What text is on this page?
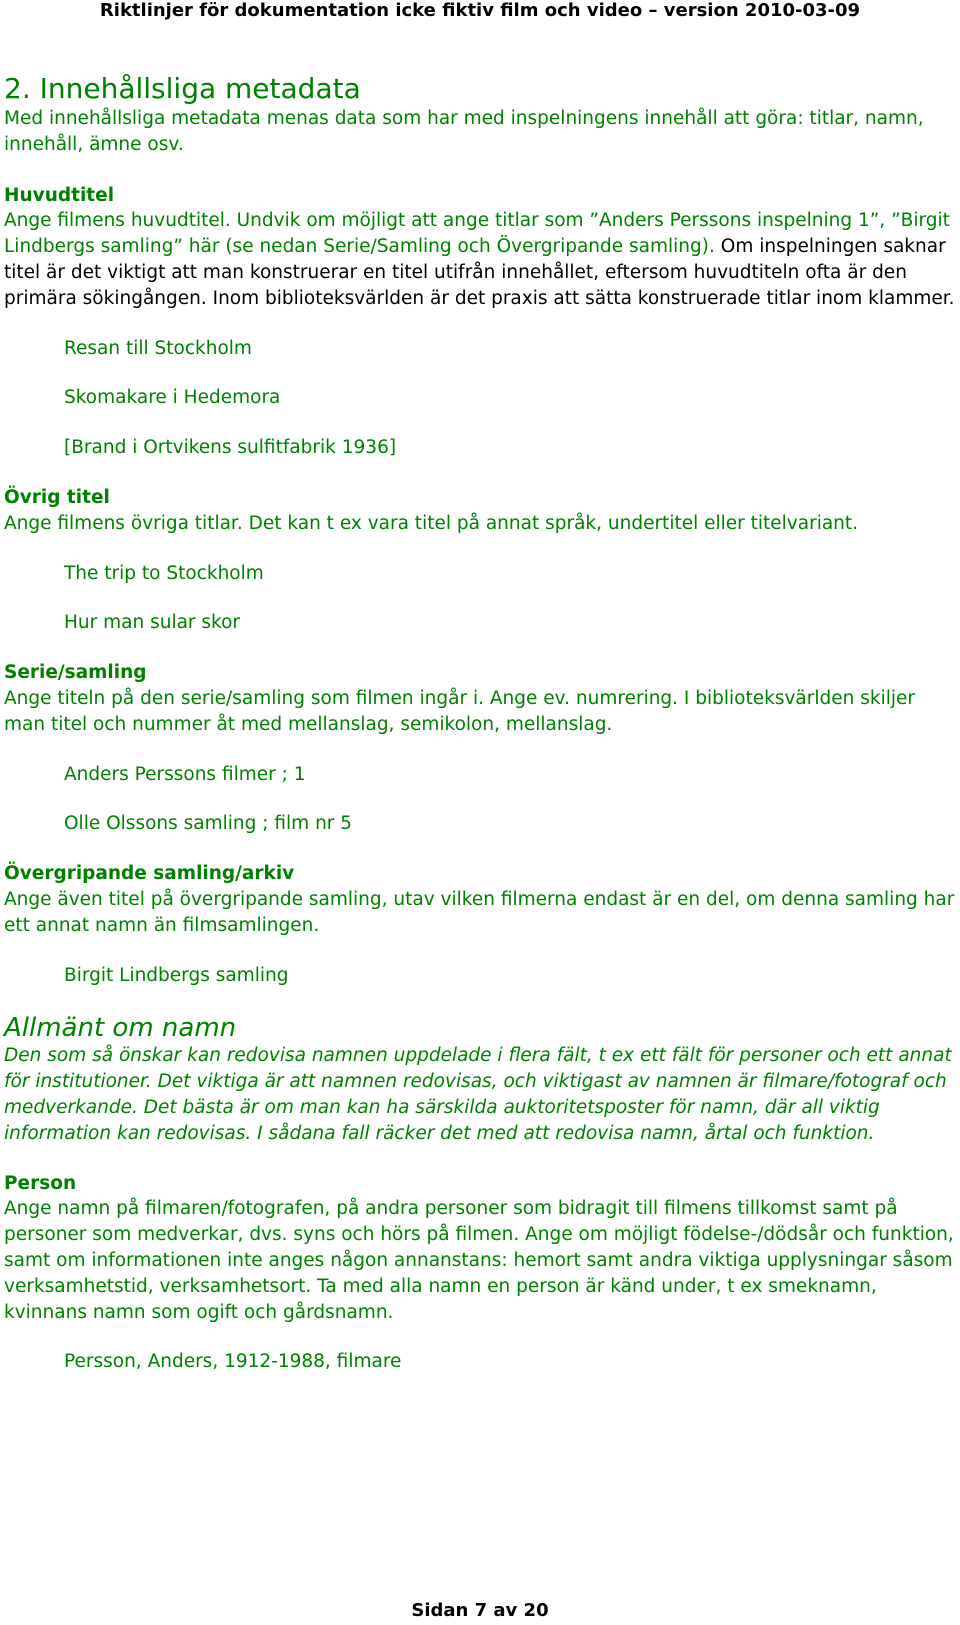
Riktlinjer för dokumentation icke fiktiv film och video – version 2010-03-09
2. Innehållsliga metadata

Med innehållsliga metadata menas data som har med inspelningens innehåll att göra: titlar, namn, innehåll, ämne osv.

Huvudtitel

Ange filmens huvudtitel. Undvik om möjligt att ange titlar som ”Anders Perssons inspelning 1”, ”Birgit Lindbergs samling” här (se nedan Serie/Samling och Övergripande samling). Om inspelningen saknar titel är det viktigt att man konstruerar en titel utifrån innehållet, eftersom huvudtiteln ofta är den primära sökingången. Inom biblioteksvärlden är det praxis att sätta konstruerade titlar inom klammer.

Resan till Stockholm

Skomakare i Hedemora

[Brand i Ortvikens sulfitfabrik 1936]

Övrig titel

Ange filmens övriga titlar. Det kan t ex vara titel på annat språk, undertitel eller titelvariant.

The trip to Stockholm

Hur man sular skor

Serie/samling

Ange titeln på den serie/samling som filmen ingår i. Ange ev. numrering. I biblioteksvärlden skiljer man titel och nummer åt med mellanslag, semikolon, mellanslag.

Anders Perssons filmer ; 1

Olle Olssons samling ; film nr 5

Övergripande samling/arkiv

Ange även titel på övergripande samling, utav vilken filmerna endast är en del, om denna samling har ett annat namn än filmsamlingen.

Birgit Lindbergs samling

Allmänt om namn

Den som så önskar kan redovisa namnen uppdelade i flera fält, t ex ett fält för personer och ett annat för institutioner. Det viktiga är att namnen redovisas, och viktigast av namnen är filmare/fotograf och medverkande. Det bästa är om man kan ha särskilda auktoritetsposter för namn, där all viktig information kan redovisas. I sådana fall räcker det med att redovisa namn, årtal och funktion.

Person

Ange namn på filmaren/fotografen, på andra personer som bidragit till filmens tillkomst samt på personer som medverkar, dvs. syns och hörs på filmen. Ange om möjligt födelse-/dödsår och funktion, samt om informationen inte anges någon annanstans: hemort samt andra viktiga upplysningar såsom verksamhetstid, verksamhetsort. Ta med alla namn en person är känd under, t ex smeknamn, kvinnans namn som ogift och gårdsnamn.

Persson, Anders, 1912-1988, filmare

Sidan 7 av 20
